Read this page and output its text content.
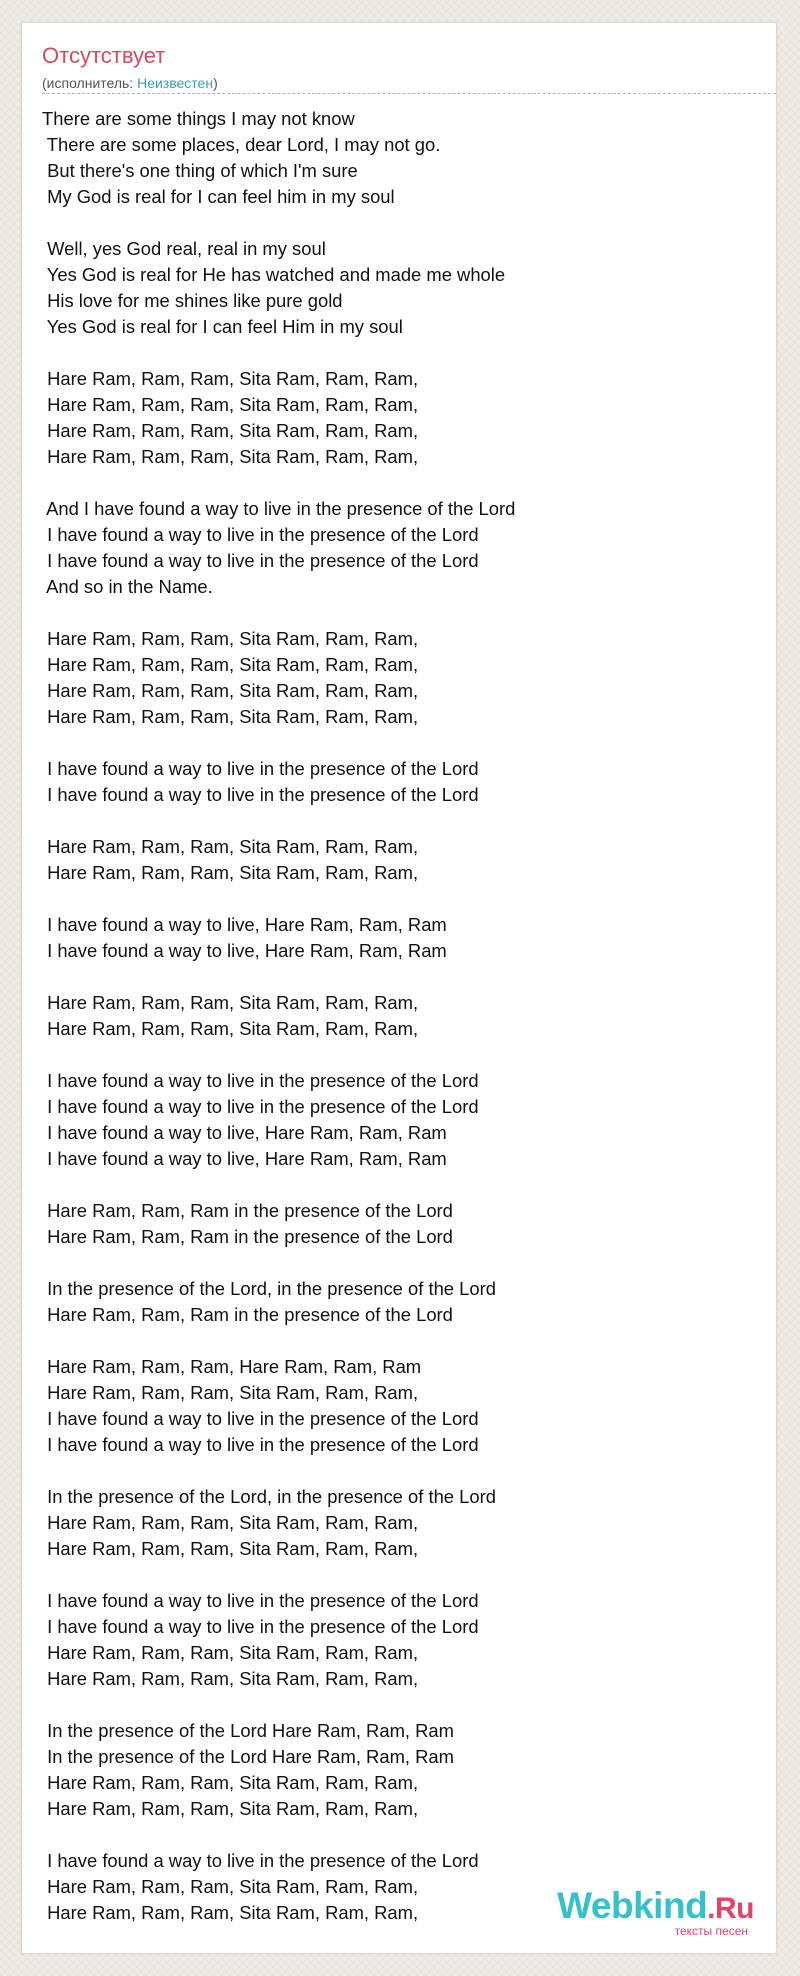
Отсутствует
(исполнитель: Неизвестен)
There are some things I may not know
There are some places, dear Lord, I may not go.
But there's one thing of which I'm sure
My God is real for I can feel him in my soul

Well, yes God real, real in my soul
Yes God is real for He has watched and made me whole
His love for me shines like pure gold
Yes God is real for I can feel Him in my soul

Hare Ram, Ram, Ram, Sita Ram, Ram, Ram,
Hare Ram, Ram, Ram, Sita Ram, Ram, Ram,
Hare Ram, Ram, Ram, Sita Ram, Ram, Ram,
Hare Ram, Ram, Ram, Sita Ram, Ram, Ram,

And I have found a way to live in the presence of the Lord
I have found a way to live in the presence of the Lord
I have found a way to live in the presence of the Lord
And so in the Name.

Hare Ram, Ram, Ram, Sita Ram, Ram, Ram,
Hare Ram, Ram, Ram, Sita Ram, Ram, Ram,
Hare Ram, Ram, Ram, Sita Ram, Ram, Ram,
Hare Ram, Ram, Ram, Sita Ram, Ram, Ram,

I have found a way to live in the presence of the Lord
I have found a way to live in the presence of the Lord

Hare Ram, Ram, Ram, Sita Ram, Ram, Ram,
Hare Ram, Ram, Ram, Sita Ram, Ram, Ram,

I have found a way to live, Hare Ram, Ram, Ram
I have found a way to live, Hare Ram, Ram, Ram

Hare Ram, Ram, Ram, Sita Ram, Ram, Ram,
Hare Ram, Ram, Ram, Sita Ram, Ram, Ram,

I have found a way to live in the presence of the Lord
I have found a way to live in the presence of the Lord
I have found a way to live, Hare Ram, Ram, Ram
I have found a way to live, Hare Ram, Ram, Ram

Hare Ram, Ram, Ram in the presence of the Lord
Hare Ram, Ram, Ram in the presence of the Lord

In the presence of the Lord, in the presence of the Lord
Hare Ram, Ram, Ram in the presence of the Lord

Hare Ram, Ram, Ram, Hare Ram, Ram, Ram
Hare Ram, Ram, Ram, Sita Ram, Ram, Ram,
I have found a way to live in the presence of the Lord
I have found a way to live in the presence of the Lord

In the presence of the Lord, in the presence of the Lord
Hare Ram, Ram, Ram, Sita Ram, Ram, Ram,
Hare Ram, Ram, Ram, Sita Ram, Ram, Ram,

I have found a way to live in the presence of the Lord
I have found a way to live in the presence of the Lord
Hare Ram, Ram, Ram, Sita Ram, Ram, Ram,
Hare Ram, Ram, Ram, Sita Ram, Ram, Ram,

In the presence of the Lord Hare Ram, Ram, Ram
In the presence of the Lord Hare Ram, Ram, Ram
Hare Ram, Ram, Ram, Sita Ram, Ram, Ram,
Hare Ram, Ram, Ram, Sita Ram, Ram, Ram,

I have found a way to live in the presence of the Lord
Hare Ram, Ram, Ram, Sita Ram, Ram, Ram,
Hare Ram, Ram, Ram, Sita Ram, Ram, Ram,	Webkind.Ru
тексты песен
